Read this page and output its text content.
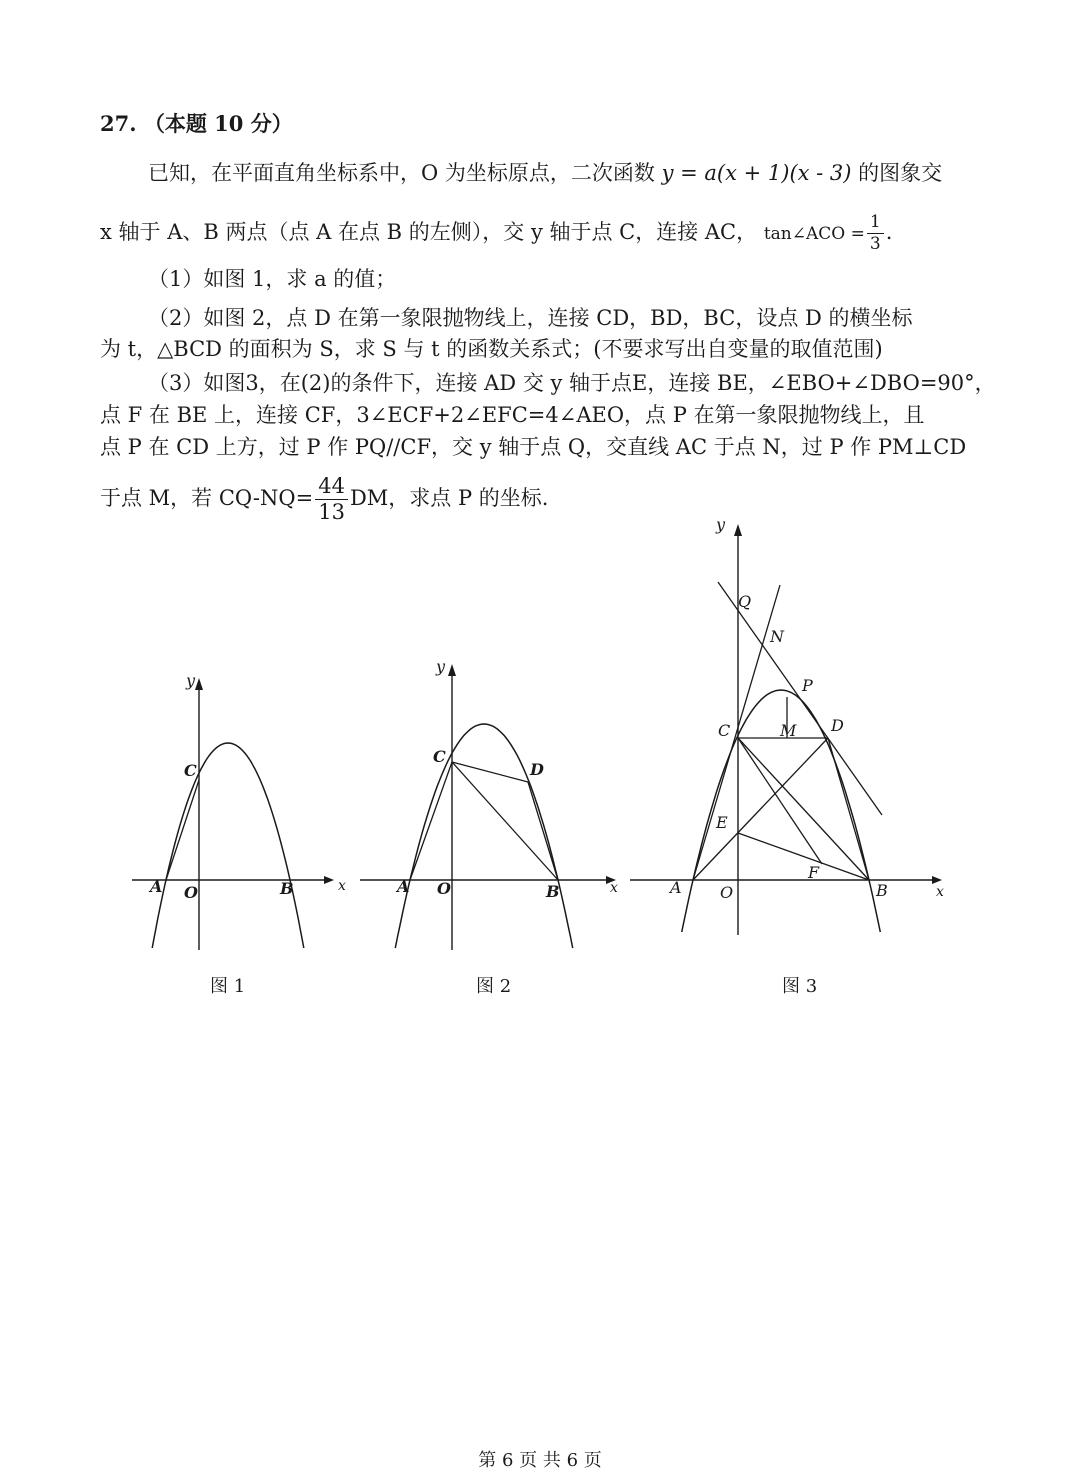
27. （本题 10 分）
已知，在平面直角坐标系中，O 为坐标原点，二次函数 y = a(x + 1)(x - 3) 的图象交
x 轴于 A、B 两点（点 A 在点 B 的左侧），交 y 轴于点 C，连接 AC， tan∠ACO = $\frac{1}{3}$ .
（1）如图 1，求 a 的值；
（2）如图 2，点 D 在第一象限抛物线上，连接 CD，BD，BC，设点 D 的横坐标
为 t，△BCD 的面积为 S，求 S 与 t 的函数关系式；(不要求写出自变量的取值范围)
（3）如图3，在(2)的条件下，连接 AD 交 y 轴于点E，连接 BE，∠EBO+∠DBO=90°，
点 F 在 BE 上，连接 CF，3∠ECF+2∠EFC=4∠AEO，点 P 在第一象限抛物线上，且
点 P 在 CD 上方，过 P 作 PQ//CF，交 y 轴于点 Q，交直线 AC 于点 N，过 P 作 PM⊥CD
于点 M，若 $CQ-NQ= \frac{44}{13}$ DM，求点 P 的坐标.
y
x
A O	B
C
图 1
y
x
A O	B
C
D
图 2
y
x
A O	B
C	D
E
F
M
N
P
Q
图 3
第 6 页 共 6 页
